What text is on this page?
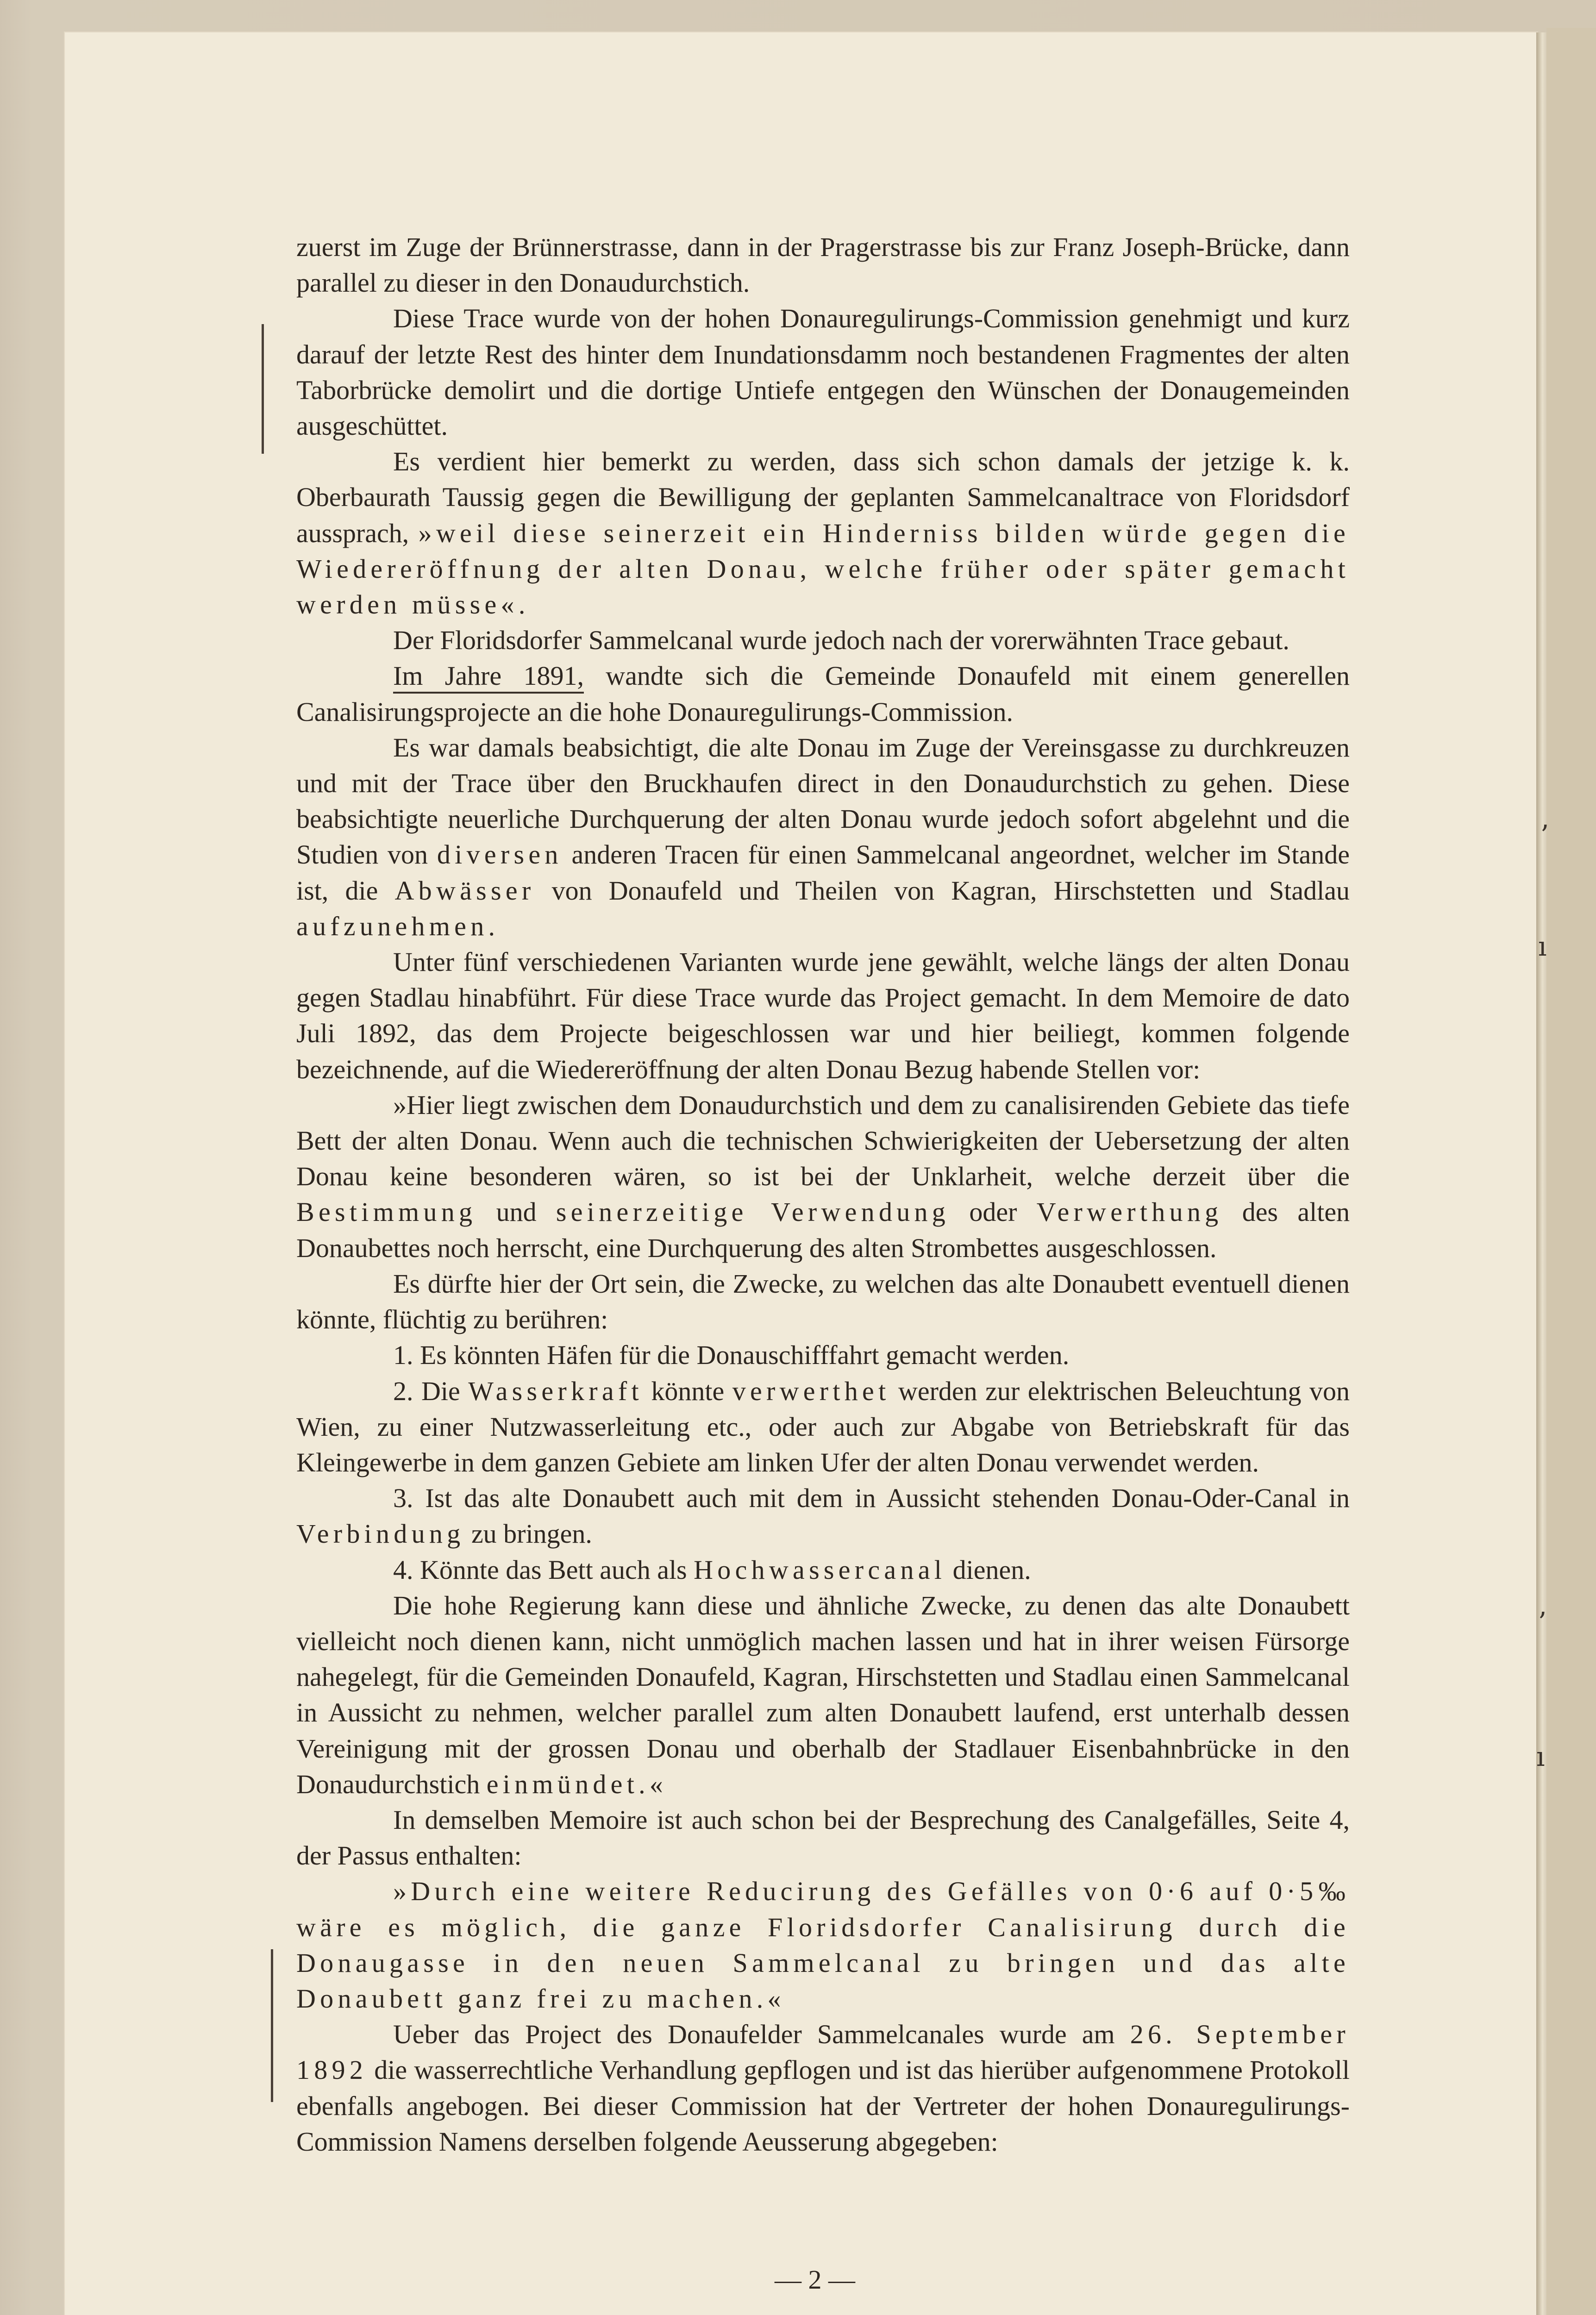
ʼ
ı
ʼ
ı

zuerst im Zuge der Brünnerstrasse, dann in der Pragerstrasse bis zur Franz Joseph-Brücke, dann parallel zu dieser in den Donaudurchstich.

Diese Trace wurde von der hohen Donauregulirungs-Commission genehmigt und kurz darauf der letzte Rest des hinter dem Inundationsdamm noch bestandenen Fragmentes der alten Taborbrücke demolirt und die dortige Untiefe entgegen den Wünschen der Donaugemeinden ausgeschüttet.

Es verdient hier bemerkt zu werden, dass sich schon damals der jetzige k. k. Oberbaurath Taussig gegen die Bewilligung der geplanten Sammelcanaltrace von Floridsdorf aussprach, »weil diese seinerzeit ein Hinderniss bilden würde gegen die Wiedereröffnung der alten Donau, welche früher oder später gemacht werden müsse«.

Der Floridsdorfer Sammelcanal wurde jedoch nach der vorerwähnten Trace gebaut.

Im Jahre 1891, wandte sich die Gemeinde Donaufeld mit einem generellen Canalisirungsprojecte an die hohe Donauregulirungs-Commission.

Es war damals beabsichtigt, die alte Donau im Zuge der Vereinsgasse zu durchkreuzen und mit der Trace über den Bruckhaufen direct in den Donaudurchstich zu gehen. Diese beabsichtigte neuerliche Durchquerung der alten Donau wurde jedoch sofort abgelehnt und die Studien von diversen anderen Tracen für einen Sammelcanal angeordnet, welcher im Stande ist, die Abwässer von Donaufeld und Theilen von Kagran, Hirschstetten und Stadlau aufzunehmen.

Unter fünf verschiedenen Varianten wurde jene gewählt, welche längs der alten Donau gegen Stadlau hinabführt. Für diese Trace wurde das Project gemacht. In dem Memoire de dato Juli 1892, das dem Projecte beigeschlossen war und hier beiliegt, kommen folgende bezeichnende, auf die Wiedereröffnung der alten Donau Bezug habende Stellen vor:

»Hier liegt zwischen dem Donaudurchstich und dem zu canalisirenden Gebiete das tiefe Bett der alten Donau. Wenn auch die technischen Schwierigkeiten der Uebersetzung der alten Donau keine besonderen wären, so ist bei der Unklarheit, welche derzeit über die Bestimmung und seinerzeitige Verwendung oder Verwerthung des alten Donaubettes noch herrscht, eine Durchquerung des alten Strombettes ausgeschlossen.

Es dürfte hier der Ort sein, die Zwecke, zu welchen das alte Donaubett eventuell dienen könnte, flüchtig zu berühren:

1. Es könnten Häfen für die Donauschifffahrt gemacht werden.

2. Die Wasserkraft könnte verwerthet werden zur elektrischen Beleuchtung von Wien, zu einer Nutzwasserleitung etc., oder auch zur Abgabe von Betriebskraft für das Kleingewerbe in dem ganzen Gebiete am linken Ufer der alten Donau verwendet werden.

3. Ist das alte Donaubett auch mit dem in Aussicht stehenden Donau-Oder-Canal in Verbindung zu bringen.

4. Könnte das Bett auch als Hochwassercanal dienen.

Die hohe Regierung kann diese und ähnliche Zwecke, zu denen das alte Donaubett vielleicht noch dienen kann, nicht unmöglich machen lassen und hat in ihrer weisen Fürsorge nahegelegt, für die Gemeinden Donaufeld, Kagran, Hirschstetten und Stadlau einen Sammelcanal in Aussicht zu nehmen, welcher parallel zum alten Donaubett laufend, erst unterhalb dessen Vereinigung mit der grossen Donau und oberhalb der Stadlauer Eisenbahnbrücke in den Donaudurchstich einmündet.«

In demselben Memoire ist auch schon bei der Besprechung des Canalgefälles, Seite 4, der Passus enthalten:

»Durch eine weitere Reducirung des Gefälles von 0·6 auf 0·5‰ wäre es möglich, die ganze Floridsdorfer Canalisirung durch die Donaugasse in den neuen Sammelcanal zu bringen und das alte Donaubett ganz frei zu machen.«

Ueber das Project des Donaufelder Sammelcanales wurde am 26. September 1892 die wasserrechtliche Verhandlung gepflogen und ist das hierüber aufgenommene Protokoll ebenfalls angebogen. Bei dieser Commission hat der Vertreter der hohen Donauregulirungs-Commission Namens derselben folgende Aeusserung abgegeben:

— 2 —
